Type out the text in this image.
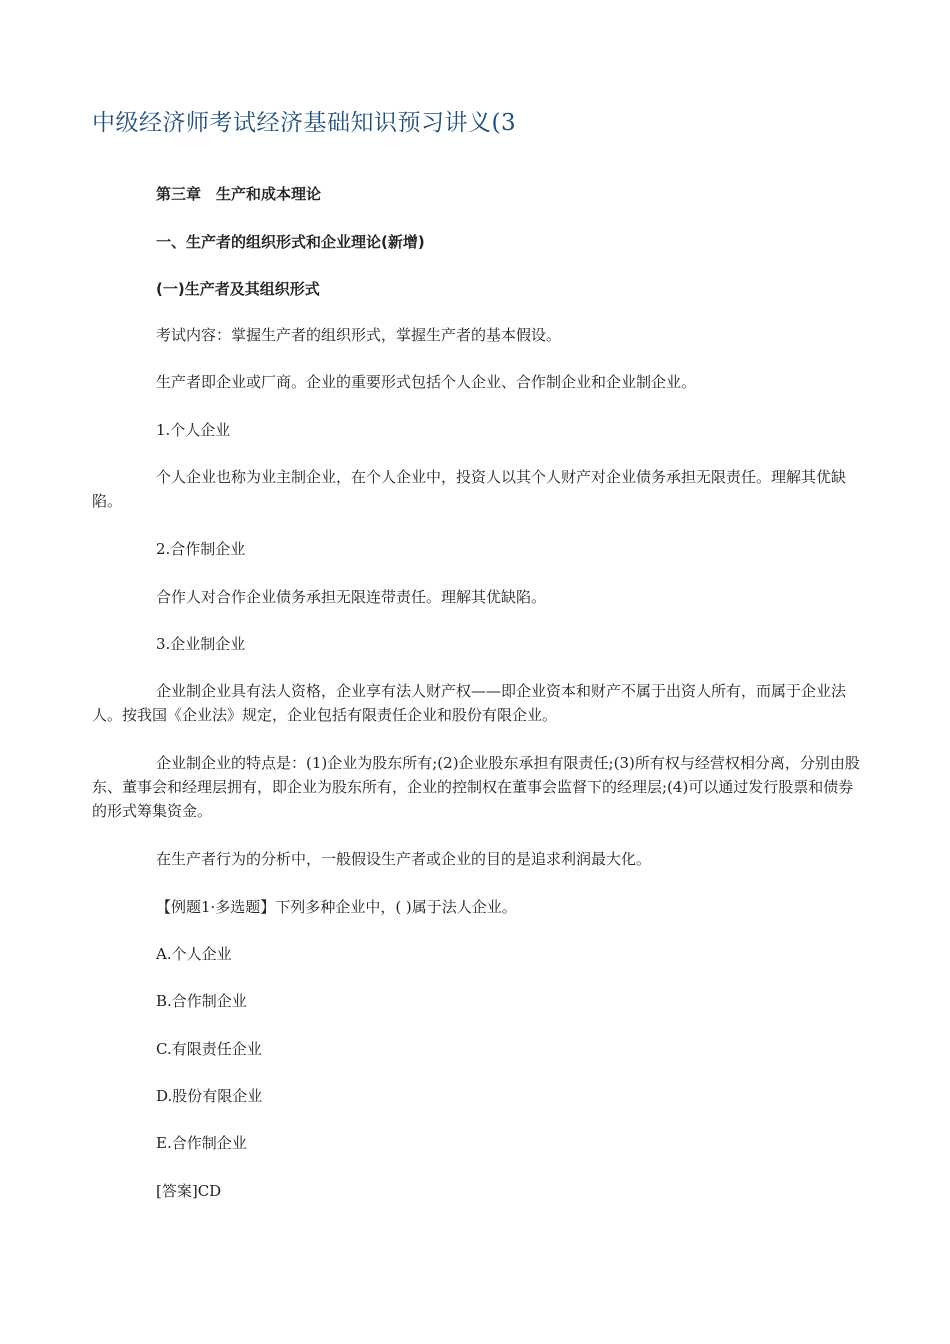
中级经济师考试经济基础知识预习讲义(3
第三章　生产和成本理论
一、生产者的组织形式和企业理论(新增)
(一)生产者及其组织形式
考试内容：掌握生产者的组织形式，掌握生产者的基本假设。
生产者即企业或厂商。企业的重要形式包括个人企业、合作制企业和企业制企业。
1.个人企业
个人企业也称为业主制企业，在个人企业中，投资人以其个人财产对企业债务承担无限责任。理解其优缺陷。
2.合作制企业
合作人对合作企业债务承担无限连带责任。理解其优缺陷。
3.企业制企业
企业制企业具有法人资格，企业享有法人财产权——即企业资本和财产不属于出资人所有，而属于企业法人。按我国《企业法》规定，企业包括有限责任企业和股份有限企业。
企业制企业的特点是：(1)企业为股东所有;(2)企业股东承担有限责任;(3)所有权与经营权相分离，分别由股东、董事会和经理层拥有，即企业为股东所有，企业的控制权在董事会监督下的经理层;(4)可以通过发行股票和债券的形式筹集资金。
在生产者行为的分析中，一般假设生产者或企业的目的是追求利润最大化。
【例题1·多选题】下列多种企业中，( )属于法人企业。
A.个人企业
B.合作制企业
C.有限责任企业
D.股份有限企业
E.合作制企业
[答案]CD
